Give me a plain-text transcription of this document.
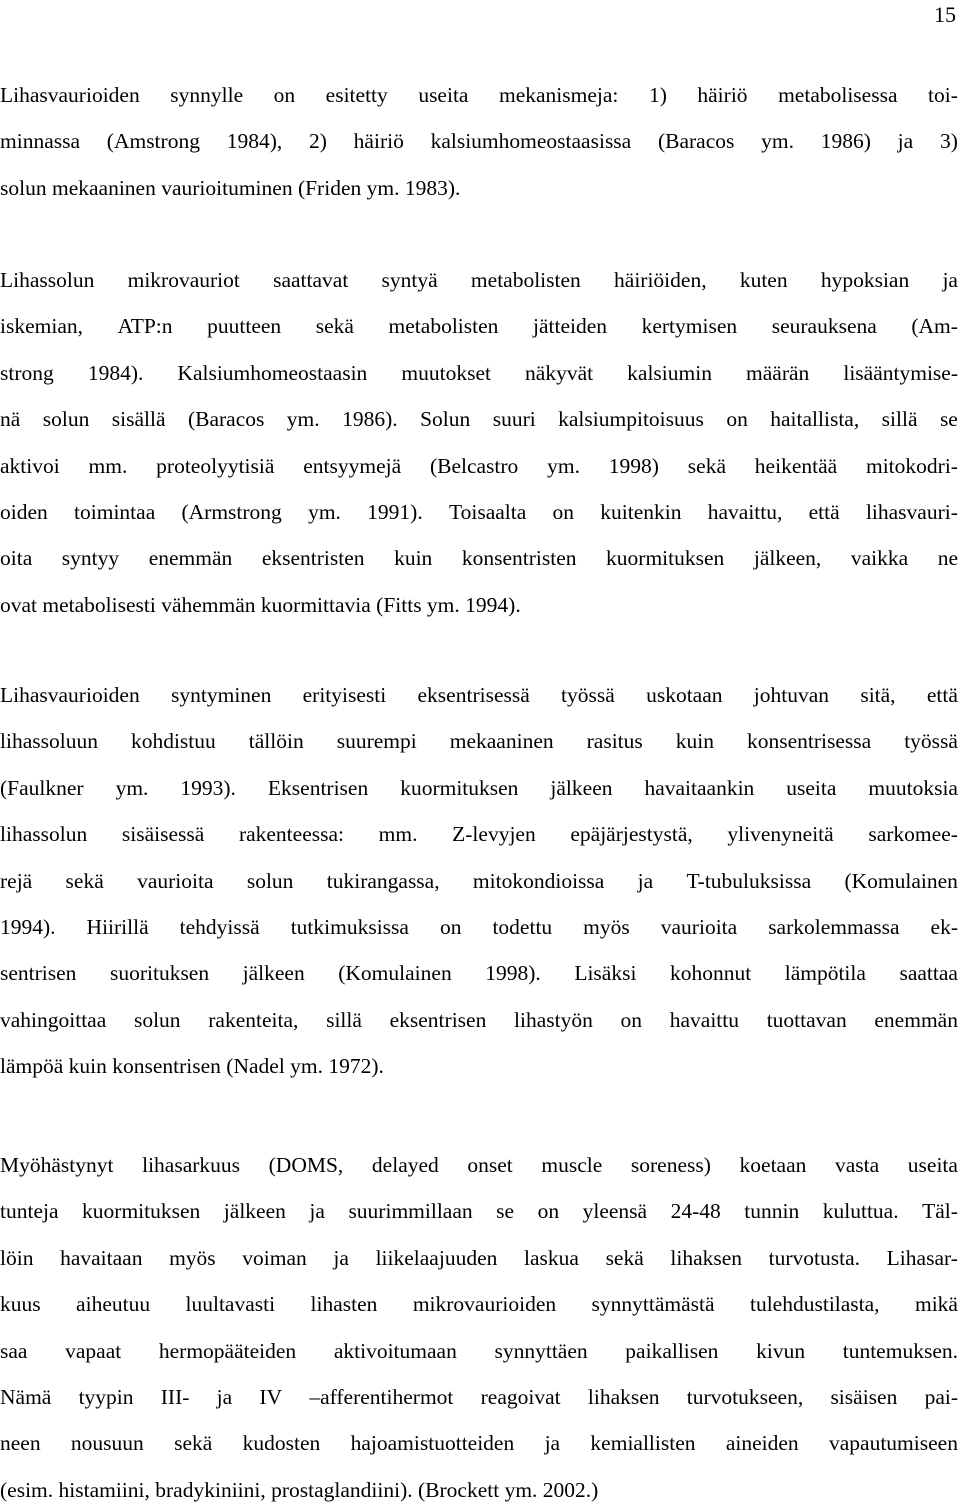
15
Lihasvaurioiden synnylle on esitetty useita mekanismeja: 1) häiriö metabolisessa toi-
minnassa (Amstrong 1984), 2) häiriö kalsiumhomeostaasissa (Baracos ym. 1986) ja 3)
solun mekaaninen vaurioituminen (Friden ym. 1983).
Lihassolun mikrovauriot saattavat syntyä metabolisten häiriöiden, kuten hypoksian ja
iskemian, ATP:n puutteen sekä metabolisten jätteiden kertymisen seurauksena (Am-
strong 1984). Kalsiumhomeostaasin muutokset näkyvät kalsiumin määrän lisääntymise-
nä solun sisällä (Baracos ym. 1986). Solun suuri kalsiumpitoisuus on haitallista, sillä se
aktivoi mm. proteolyytisiä entsyymejä (Belcastro ym. 1998) sekä heikentää mitokodri-
oiden toimintaa (Armstrong ym. 1991). Toisaalta on kuitenkin havaittu, että lihasvauri-
oita syntyy enemmän eksentristen kuin konsentristen kuormituksen jälkeen, vaikka ne
ovat metabolisesti vähemmän kuormittavia (Fitts ym. 1994).
Lihasvaurioiden syntyminen erityisesti eksentrisessä työssä uskotaan johtuvan sitä, että
lihassoluun kohdistuu tällöin suurempi mekaaninen rasitus kuin konsentrisessa työssä
(Faulkner ym. 1993). Eksentrisen kuormituksen jälkeen havaitaankin useita muutoksia
lihassolun sisäisessä rakenteessa: mm. Z-levyjen epäjärjestystä, ylivenyneitä sarkomee-
rejä sekä vaurioita solun tukirangassa, mitokondioissa ja T-tubuluksissa (Komulainen
1994). Hiirillä tehdyissä tutkimuksissa on todettu myös vaurioita sarkolemmassa ek-
sentrisen suorituksen jälkeen (Komulainen 1998). Lisäksi kohonnut lämpötila saattaa
vahingoittaa solun rakenteita, sillä eksentrisen lihastyön on havaittu tuottavan enemmän
lämpöä kuin konsentrisen (Nadel ym. 1972).
Myöhästynyt lihasarkuus (DOMS, delayed onset muscle soreness) koetaan vasta useita
tunteja kuormituksen jälkeen ja suurimmillaan se on yleensä 24-48 tunnin kuluttua. Täl-
löin havaitaan myös voiman ja liikelaajuuden laskua sekä lihaksen turvotusta. Lihasar-
kuus aiheutuu luultavasti lihasten mikrovaurioiden synnyttämästä tulehdustilasta, mikä
saa vapaat hermopääteiden aktivoitumaan synnyttäen paikallisen kivun tuntemuksen.
Nämä tyypin III- ja IV –afferentihermot reagoivat lihaksen turvotukseen, sisäisen pai-
neen nousuun sekä kudosten hajoamistuotteiden ja kemiallisten aineiden vapautumiseen
(esim. histamiini, bradykiniini, prostaglandiini). (Brockett ym. 2002.)
